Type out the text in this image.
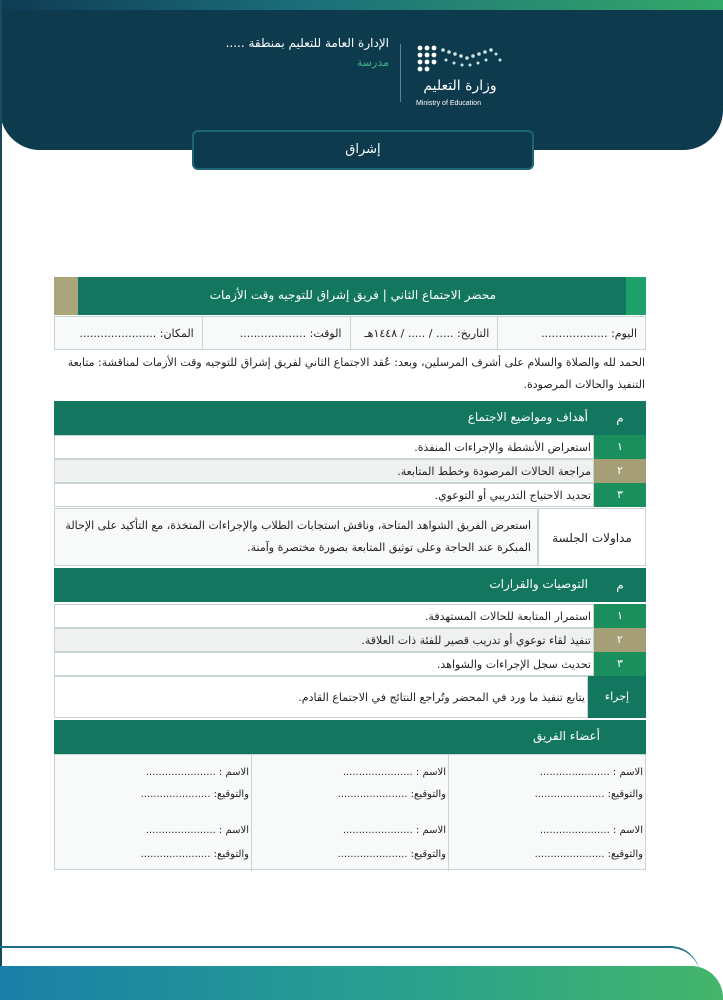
الإدارة العامة للتعليم بمنطقة .....
مدرسة
وزارة التعليم
Ministry of Education
إشراق
محضر الاجتماع الثاني | فريق إشراق للتوجيه وقت الأزمات
اليوم: ...................
التاريخ: ..... / ..... / ١٤٤٨هـ
الوقت: ...................
المكان: ......................
الحمد لله والصلاة والسلام على أشرف المرسلين، وبعد: عُقد الاجتماع الثاني لفريق إشراق للتوجيه وقت الأزمات لمناقشة: متابعة التنفيذ والحالات المرصودة.
م
أهداف ومواضيع الاجتماع
١
استعراض الأنشطة والإجراءات المنفذة.
٢
مراجعة الحالات المرصودة وخطط المتابعة.
٣
تحديد الاحتياج التدريبي أو التوعوي.
مداولات الجلسة
استعرض الفريق الشواهد المتاحة، وناقش استجابات الطلاب والإجراءات المتخذة، مع التأكيد على الإحالة المبكرة عند الحاجة وعلى توثيق المتابعة بصورة مختصرة وآمنة.
م
التوصيات والقرارات
١
استمرار المتابعة للحالات المستهدفة.
٢
تنفيذ لقاء توعوي أو تدريب قصير للفئة ذات العلاقة.
٣
تحديث سجل الإجراءات والشواهد.
إجراء
يتابع تنفيذ ما ورد في المحضر وتُراجع النتائج في الاجتماع القادم.
أعضاء الفريق
الاسم : ......................
والتوقيع: ......................
الاسم : ......................
والتوقيع: ......................
الاسم : ......................
والتوقيع: ......................
الاسم : ......................
والتوقيع: ......................
الاسم : ......................
والتوقيع: ......................
الاسم : ......................
والتوقيع: ......................
